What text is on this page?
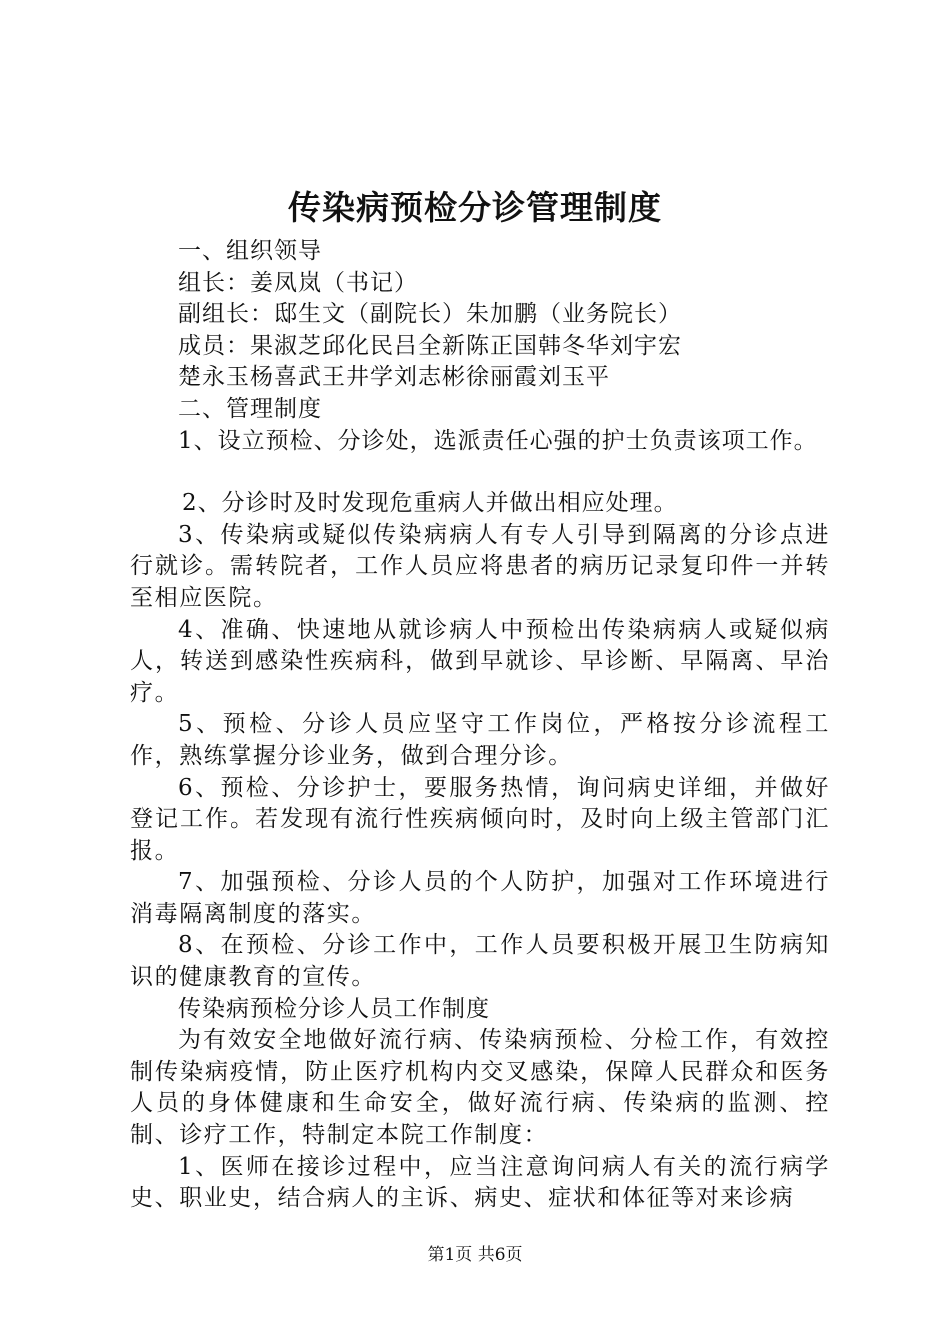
传染病预检分诊管理制度
一、组织领导
组长：姜凤岚（书记）
副组长：邸生文（副院长）朱加鹏（业务院长）
成员：果淑芝邱化民吕全新陈正国韩冬华刘宇宏
楚永玉杨喜武王井学刘志彬徐丽霞刘玉平
二、管理制度
1、设立预检、分诊处，选派责任心强的护士负责该项工作。
2、分诊时及时发现危重病人并做出相应处理。
3、传染病或疑似传染病病人有专人引导到隔离的分诊点进行就诊。需转院者，工作人员应将患者的病历记录复印件一并转至相应医院。
4、准确、快速地从就诊病人中预检出传染病病人或疑似病人，转送到感染性疾病科，做到早就诊、早诊断、早隔离、早治疗。
5、预检、分诊人员应坚守工作岗位，严格按分诊流程工作，熟练掌握分诊业务，做到合理分诊。
6、预检、分诊护士，要服务热情，询问病史详细，并做好登记工作。若发现有流行性疾病倾向时，及时向上级主管部门汇报。
7、加强预检、分诊人员的个人防护，加强对工作环境进行消毒隔离制度的落实。
8、在预检、分诊工作中，工作人员要积极开展卫生防病知识的健康教育的宣传。
传染病预检分诊人员工作制度
为有效安全地做好流行病、传染病预检、分检工作，有效控制传染病疫情，防止医疗机构内交叉感染，保障人民群众和医务人员的身体健康和生命安全，做好流行病、传染病的监测、控制、诊疗工作，特制定本院工作制度：
1、医师在接诊过程中，应当注意询问病人有关的流行病学史、职业史，结合病人的主诉、病史、症状和体征等对来诊病
第1页 共6页
